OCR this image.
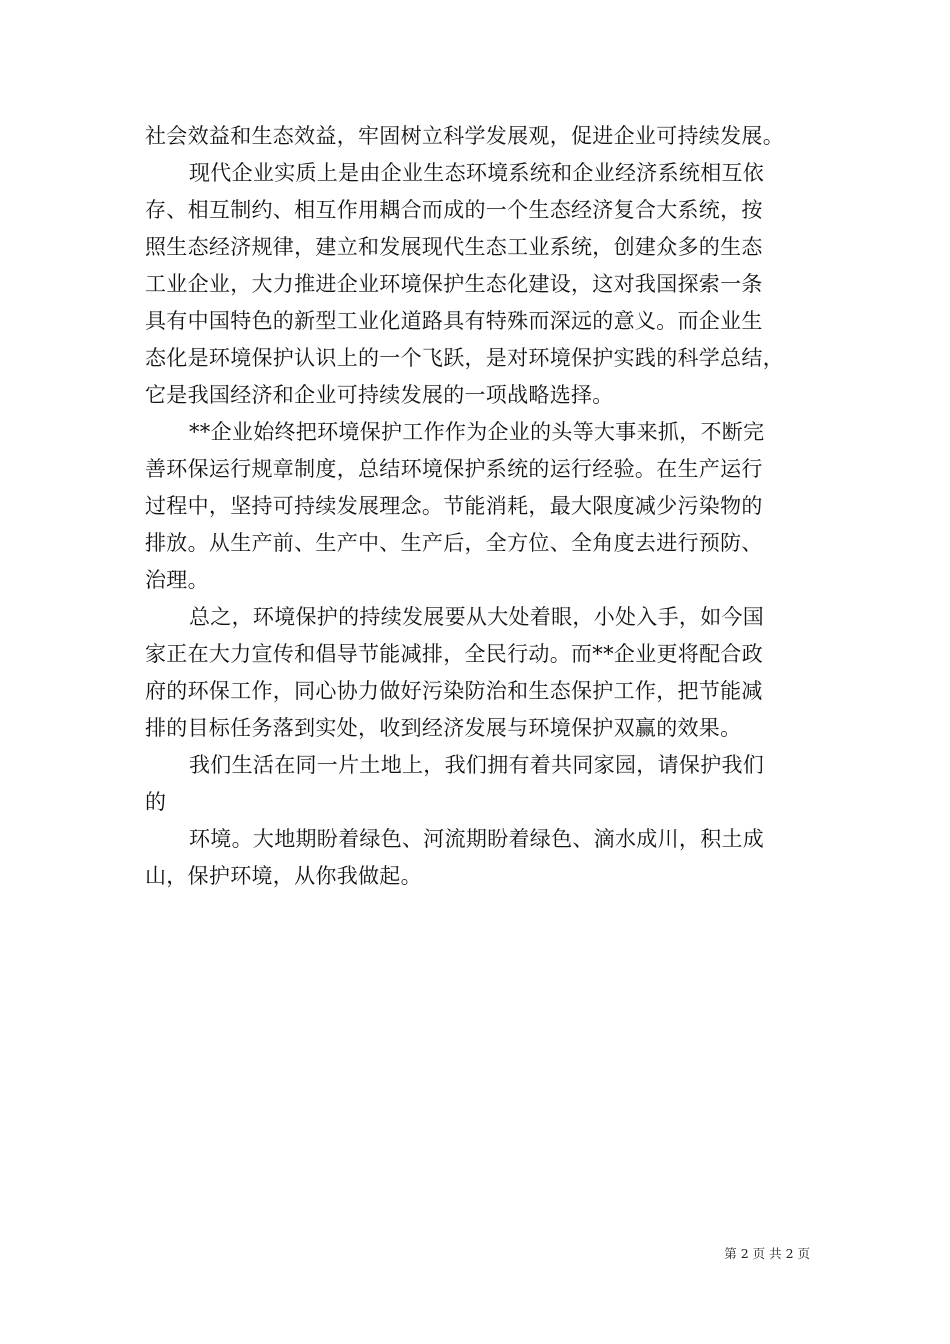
社会效益和生态效益，牢固树立科学发展观，促进企业可持续发展。
现代企业实质上是由企业生态环境系统和企业经济系统相互依
存、相互制约、相互作用耦合而成的一个生态经济复合大系统，按
照生态经济规律，建立和发展现代生态工业系统，创建众多的生态
工业企业，大力推进企业环境保护生态化建设，这对我国探索一条
具有中国特色的新型工业化道路具有特殊而深远的意义。而企业生
态化是环境保护认识上的一个飞跃，是对环境保护实践的科学总结，
它是我国经济和企业可持续发展的一项战略选择。
**企业始终把环境保护工作作为企业的头等大事来抓，不断完
善环保运行规章制度，总结环境保护系统的运行经验。在生产运行
过程中，坚持可持续发展理念。节能消耗，最大限度减少污染物的
排放。从生产前、生产中、生产后，全方位、全角度去进行预防、
治理。
总之，环境保护的持续发展要从大处着眼，小处入手，如今国
家正在大力宣传和倡导节能减排，全民行动。而**企业更将配合政
府的环保工作，同心协力做好污染防治和生态保护工作，把节能减
排的目标任务落到实处，收到经济发展与环境保护双赢的效果。
我们生活在同一片土地上，我们拥有着共同家园，请保护我们
的
环境。大地期盼着绿色、河流期盼着绿色、滴水成川，积土成
山，保护环境，从你我做起。
第 2 页 共 2 页
